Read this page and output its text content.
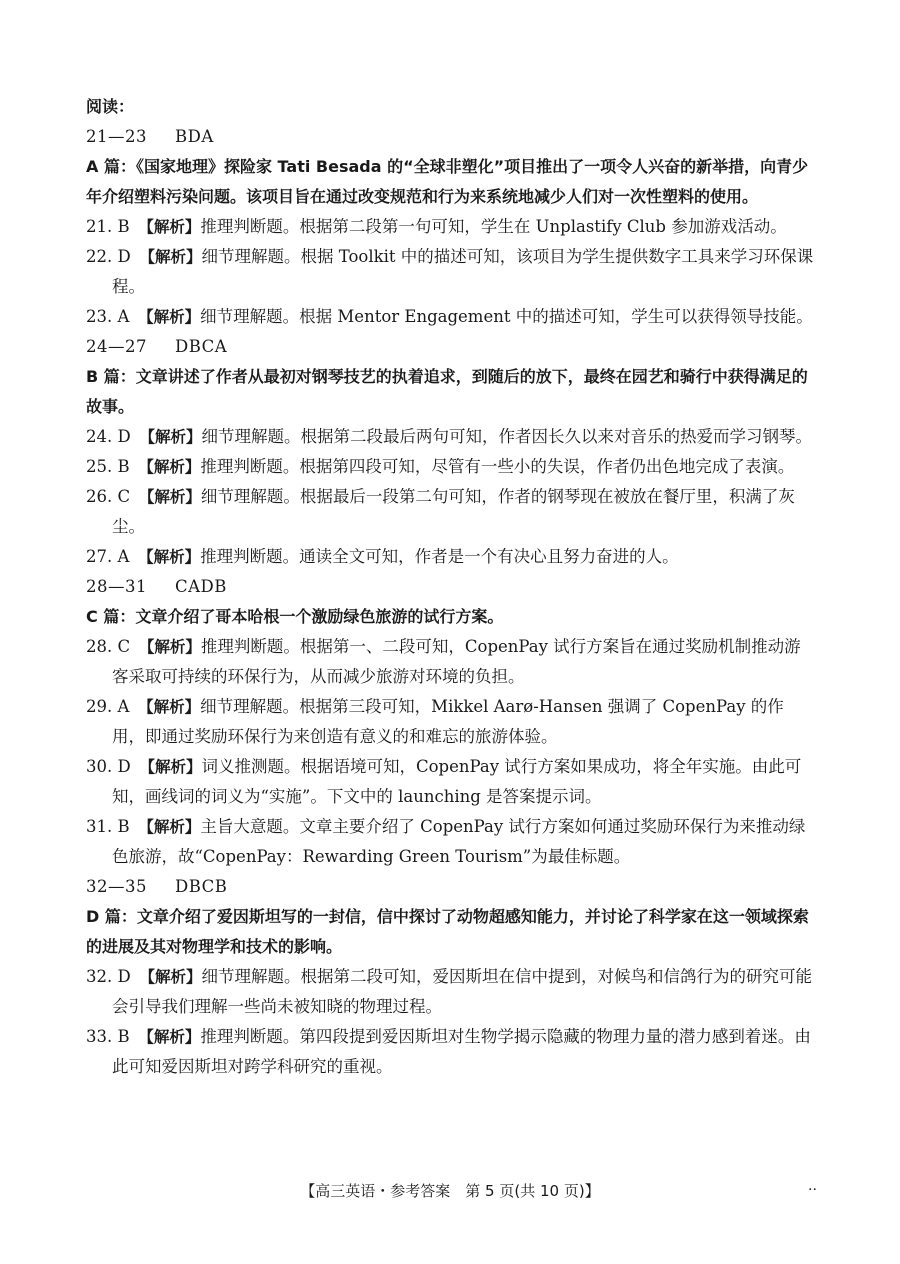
阅读：
21—23 BDA

A 篇：《国家地理》探险家 Tati Besada 的“全球非塑化”项目推出了一项令人兴奋的新举措，向青少年介绍塑料污染问题。该项目旨在通过改变规范和行为来系统地减少人们对一次性塑料的使用。

21. B　 【解析】推理判断题。根据第二段第一句可知，学生在 Unplastify Club 参加游戏活动。

22. D　 【解析】细节理解题。根据 Toolkit 中的描述可知，该项目为学生提供数字工具来学习环保课程。

23. A　 【解析】细节理解题。根据 Mentor Engagement 中的描述可知，学生可以获得领导技能。

24—27 DBCA

B 篇：文章讲述了作者从最初对钢琴技艺的执着追求，到随后的放下，最终在园艺和骑行中获得满足的故事。

24. D　 【解析】细节理解题。根据第二段最后两句可知，作者因长久以来对音乐的热爱而学习钢琴。

25. B　 【解析】推理判断题。根据第四段可知，尽管有一些小的失误，作者仍出色地完成了表演。

26. C　 【解析】细节理解题。根据最后一段第二句可知，作者的钢琴现在被放在餐厅里，积满了灰尘。

27. A　 【解析】推理判断题。通读全文可知，作者是一个有决心且努力奋进的人。

28—31 CADB

C 篇：文章介绍了哥本哈根一个激励绿色旅游的试行方案。

28. C　 【解析】推理判断题。根据第一、二段可知，CopenPay 试行方案旨在通过奖励机制推动游客采取可持续的环保行为，从而减少旅游对环境的负担。

29. A　 【解析】细节理解题。根据第三段可知，Mikkel Aarø-Hansen 强调了 CopenPay 的作用，即通过奖励环保行为来创造有意义的和难忘的旅游体验。

30. D　 【解析】词义推测题。根据语境可知，CopenPay 试行方案如果成功，将全年实施。由此可知，画线词的词义为“实施”。下文中的 launching 是答案提示词。

31. B　 【解析】主旨大意题。文章主要介绍了 CopenPay 试行方案如何通过奖励环保行为来推动绿色旅游，故“CopenPay：Rewarding Green Tourism”为最佳标题。

32—35 DBCB

D 篇：文章介绍了爱因斯坦写的一封信，信中探讨了动物超感知能力，并讨论了科学家在这一领域探索的进展及其对物理学和技术的影响。

32. D　 【解析】细节理解题。根据第二段可知，爱因斯坦在信中提到，对候鸟和信鸽行为的研究可能会引导我们理解一些尚未被知晓的物理过程。

33. B　 【解析】推理判断题。第四段提到爱因斯坦对生物学揭示隐藏的物理力量的潜力感到着迷。由此可知爱因斯坦对跨学科研究的重视。

【高三英语・参考答案　第 5 页(共 10 页)】	..
